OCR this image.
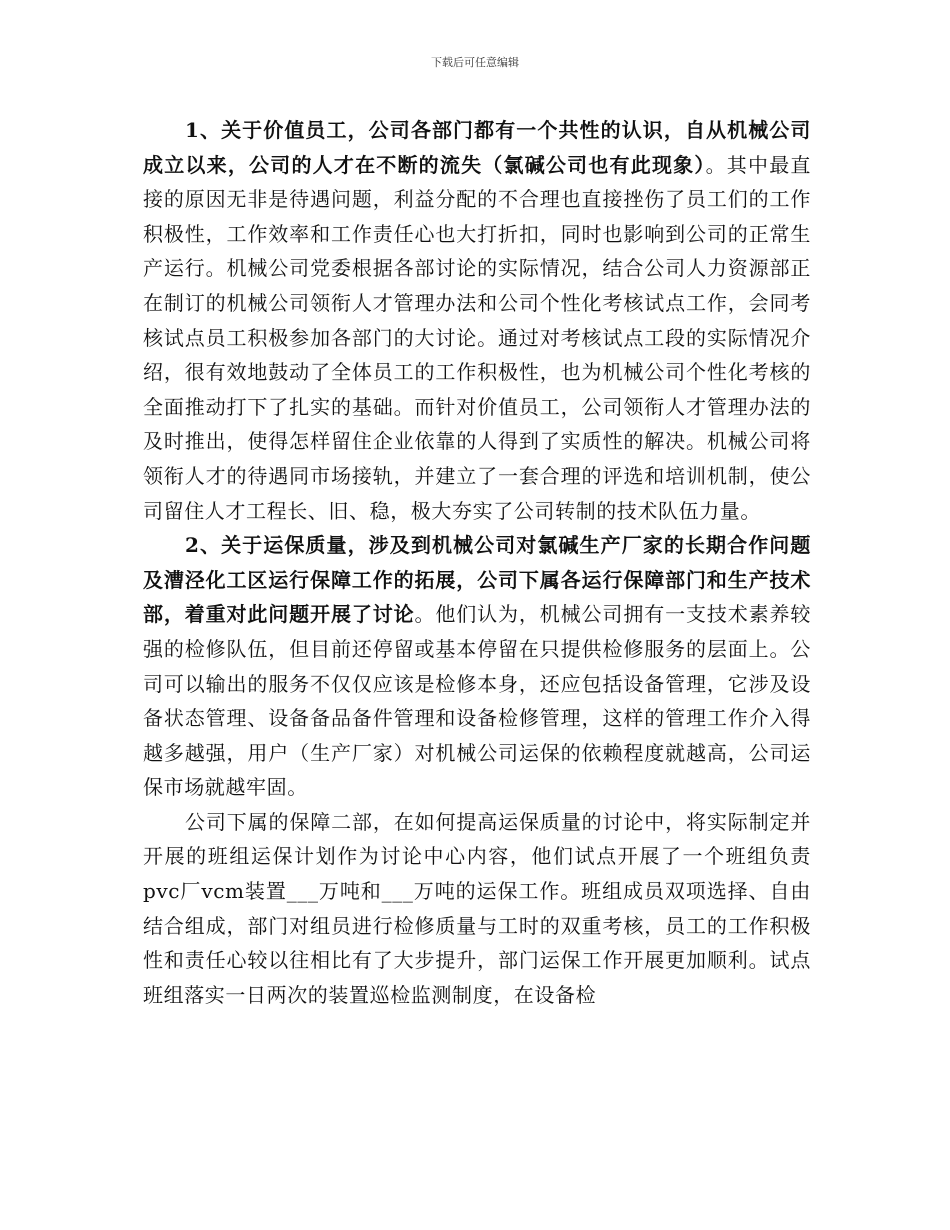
下载后可任意编辑

1、关于价值员工，公司各部门都有一个共性的认识，自从机械公司成立以来，公司的人才在不断的流失（氯碱公司也有此现象）。其中最直接的原因无非是待遇问题，利益分配的不合理也直接挫伤了员工们的工作积极性，工作效率和工作责任心也大打折扣，同时也影响到公司的正常生产运行。机械公司党委根据各部讨论的实际情况，结合公司人力资源部正在制订的机械公司领衔人才管理办法和公司个性化考核试点工作，会同考核试点员工积极参加各部门的大讨论。通过对考核试点工段的实际情况介绍，很有效地鼓动了全体员工的工作积极性，也为机械公司个性化考核的全面推动打下了扎实的基础。而针对价值员工，公司领衔人才管理办法的及时推出，使得怎样留住企业依靠的人得到了实质性的解决。机械公司将领衔人才的待遇同市场接轨，并建立了一套合理的评选和培训机制，使公司留住人才工程长、旧、稳，极大夯实了公司转制的技术队伍力量。

2、关于运保质量，涉及到机械公司对氯碱生产厂家的长期合作问题及漕泾化工区运行保障工作的拓展，公司下属各运行保障部门和生产技术部，着重对此问题开展了讨论。他们认为，机械公司拥有一支技术素养较强的检修队伍，但目前还停留或基本停留在只提供检修服务的层面上。公司可以输出的服务不仅仅应该是检修本身，还应包括设备管理，它涉及设备状态管理、设备备品备件管理和设备检修管理，这样的管理工作介入得越多越强，用户（生产厂家）对机械公司运保的依赖程度就越高，公司运保市场就越牢固。

公司下属的保障二部，在如何提高运保质量的讨论中，将实际制定并开展的班组运保计划作为讨论中心内容，他们试点开展了一个班组负责pvc厂vcm装置___万吨和___万吨的运保工作。班组成员双项选择、自由结合组成，部门对组员进行检修质量与工时的双重考核，员工的工作积极性和责任心较以往相比有了大步提升，部门运保工作开展更加顺利。试点班组落实一日两次的装置巡检监测制度，在设备检
